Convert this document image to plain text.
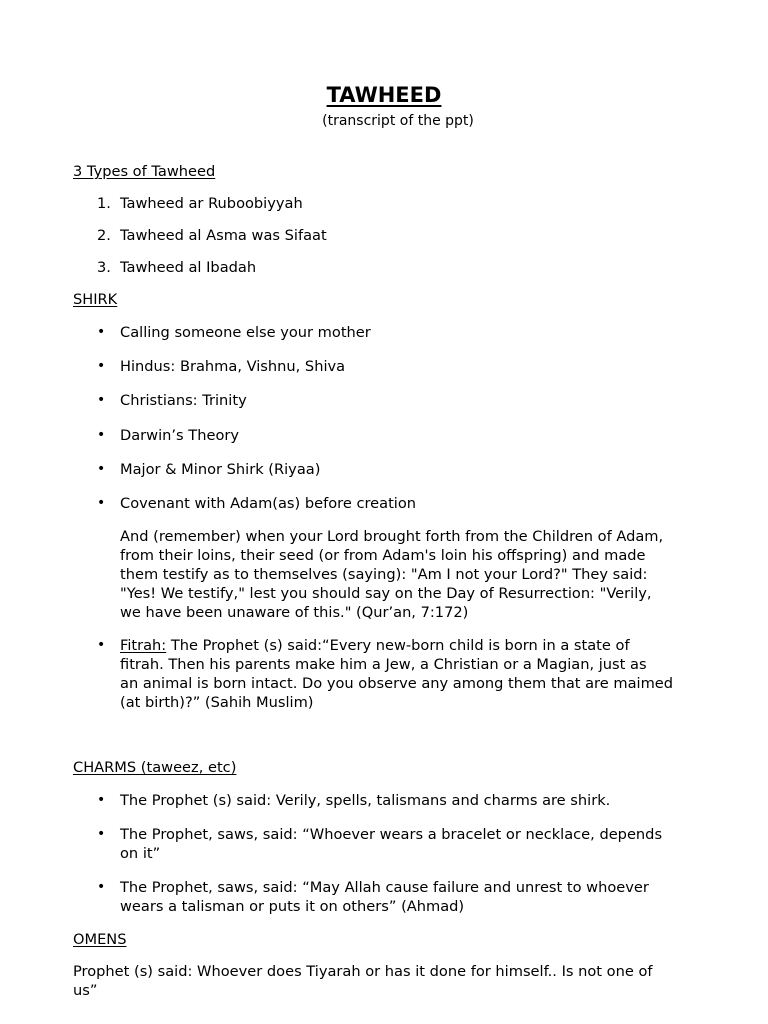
TAWHEED
(transcript of the ppt)
3 Types of Tawheed
1. Tawheed ar Ruboobiyyah
2. Tawheed al Asma was Sifaat
3. Tawheed al Ibadah
SHIRK
• Calling someone else your mother
• Hindus: Brahma, Vishnu, Shiva
• Christians: Trinity
• Darwin’s Theory
• Major & Minor Shirk (Riyaa)
• Covenant with Adam(as) before creation
And (remember) when your Lord brought forth from the Children of Adam,
from their loins, their seed (or from Adam's loin his offspring) and made
them testify as to themselves (saying): "Am I not your Lord?" They said:
"Yes! We testify," lest you should say on the Day of Resurrection: "Verily,
we have been unaware of this." (Qur’an, 7:172)
• Fitrah: The Prophet (s) said:“Every new-born child is born in a state of
fitrah. Then his parents make him a Jew, a Christian or a Magian, just as
an animal is born intact. Do you observe any among them that are maimed
(at birth)?” (Sahih Muslim)
CHARMS (taweez, etc)
• The Prophet (s) said: Verily, spells, talismans and charms are shirk.
• The Prophet, saws, said: “Whoever wears a bracelet or necklace, depends
on it”
• The Prophet, saws, said: “May Allah cause failure and unrest to whoever
wears a talisman or puts it on others” (Ahmad)
OMENS
Prophet (s) said: Whoever does Tiyarah or has it done for himself.. Is not one of
us”
